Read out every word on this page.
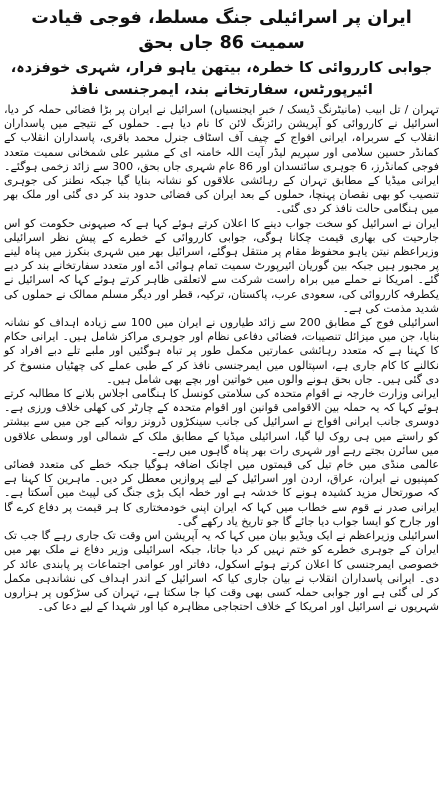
ایران پر اسرائیلی جنگ مسلط، فوجی قیادت سمیت 86 جاں بحق
جوابی کارروائی کا خطرہ، بیتھن یاہو فرار، شہری خوفزدہ، ائیرپورٹس، سفارتخانے بند، ایمرجنسی نافذ

تہران / تل ابیب (مانیٹرنگ ڈیسک / خبر ایجنسیاں) اسرائیل نے ایران پر بڑا فضائی حملہ کر دیا، اسرائیل نے کارروائی کو آپریشن رائزنگ لائن کا نام دیا ہے۔ حملوں کے نتیجے میں پاسداران انقلاب کے سربراہ، ایرانی افواج کے چیف آف اسٹاف جنرل محمد باقری، پاسداران انقلاب کے کمانڈر حسین سلامی اور سپریم لیڈر آیت اللہ خامنہ ای کے مشیر علی شمخانی سمیت متعدد فوجی کمانڈرز، 6 جوہری سائنسدان اور 86 عام شہری جاں بحق، 300 سے زائد زخمی ہوگئے۔ ایرانی میڈیا کے مطابق تہران کے رہائشی علاقوں کو نشانہ بنایا گیا جبکہ نطنز کی جوہری تنصیب کو بھی نقصان پہنچا، حملوں کے بعد ایران کی فضائی حدود بند کر دی گئی اور ملک بھر میں ہنگامی حالت نافذ کر دی گئی۔

ایران نے اسرائیل کو سخت جواب دینے کا اعلان کرتے ہوئے کہا ہے کہ صیہونی حکومت کو اس جارحیت کی بھاری قیمت چکانا ہوگی، جوابی کارروائی کے خطرے کے پیش نظر اسرائیلی وزیراعظم نیتن یاہو محفوظ مقام پر منتقل ہوگئے، اسرائیل بھر میں شہری بنکرز میں پناہ لینے پر مجبور ہیں جبکہ بین گوریان ائیرپورٹ سمیت تمام ہوائی اڈے اور متعدد سفارتخانے بند کر دیے گئے۔ امریکا نے حملے میں براہ راست شرکت سے لاتعلقی ظاہر کرتے ہوئے کہا کہ اسرائیل نے یکطرفہ کارروائی کی، سعودی عرب، پاکستان، ترکیہ، قطر اور دیگر مسلم ممالک نے حملوں کی شدید مذمت کی ہے۔

اسرائیلی فوج کے مطابق 200 سے زائد طیاروں نے ایران میں 100 سے زیادہ اہداف کو نشانہ بنایا، جن میں میزائل تنصیبات، فضائی دفاعی نظام اور جوہری مراکز شامل ہیں۔ ایرانی حکام کا کہنا ہے کہ متعدد رہائشی عمارتیں مکمل طور پر تباہ ہوگئیں اور ملبے تلے دبے افراد کو نکالنے کا کام جاری ہے، اسپتالوں میں ایمرجنسی نافذ کر کے طبی عملے کی چھٹیاں منسوخ کر دی گئی ہیں۔ جاں بحق ہونے والوں میں خواتین اور بچے بھی شامل ہیں۔

ایرانی وزارت خارجہ نے اقوام متحدہ کی سلامتی کونسل کا ہنگامی اجلاس بلانے کا مطالبہ کرتے ہوئے کہا کہ یہ حملہ بین الاقوامی قوانین اور اقوام متحدہ کے چارٹر کی کھلی خلاف ورزی ہے۔ دوسری جانب ایرانی افواج نے اسرائیل کی جانب سینکڑوں ڈرونز روانہ کیے جن میں سے بیشتر کو راستے میں ہی روک لیا گیا، اسرائیلی میڈیا کے مطابق ملک کے شمالی اور وسطی علاقوں میں سائرن بجتے رہے اور شہری رات بھر پناہ گاہوں میں رہے۔

عالمی منڈی میں خام تیل کی قیمتوں میں اچانک اضافہ ہوگیا جبکہ خطے کی متعدد فضائی کمپنیوں نے ایران، عراق، اردن اور اسرائیل کے لیے پروازیں معطل کر دیں۔ ماہرین کا کہنا ہے کہ صورتحال مزید کشیدہ ہونے کا خدشہ ہے اور خطہ ایک بڑی جنگ کی لپیٹ میں آسکتا ہے۔ ایرانی صدر نے قوم سے خطاب میں کہا کہ ایران اپنی خودمختاری کا ہر قیمت پر دفاع کرے گا اور جارح کو ایسا جواب دیا جائے گا جو تاریخ یاد رکھے گی۔

اسرائیلی وزیراعظم نے ایک ویڈیو بیان میں کہا کہ یہ آپریشن اس وقت تک جاری رہے گا جب تک ایران کے جوہری خطرے کو ختم نہیں کر دیا جاتا، جبکہ اسرائیلی وزیر دفاع نے ملک بھر میں خصوصی ایمرجنسی کا اعلان کرتے ہوئے اسکول، دفاتر اور عوامی اجتماعات پر پابندی عائد کر دی۔ ایرانی پاسداران انقلاب نے بیان جاری کیا کہ اسرائیل کے اندر اہداف کی نشاندہی مکمل کر لی گئی ہے اور جوابی حملہ کسی بھی وقت کیا جا سکتا ہے، تہران کی سڑکوں پر ہزاروں شہریوں نے اسرائیل اور امریکا کے خلاف احتجاجی مظاہرہ کیا اور شہدا کے لیے دعا کی۔
